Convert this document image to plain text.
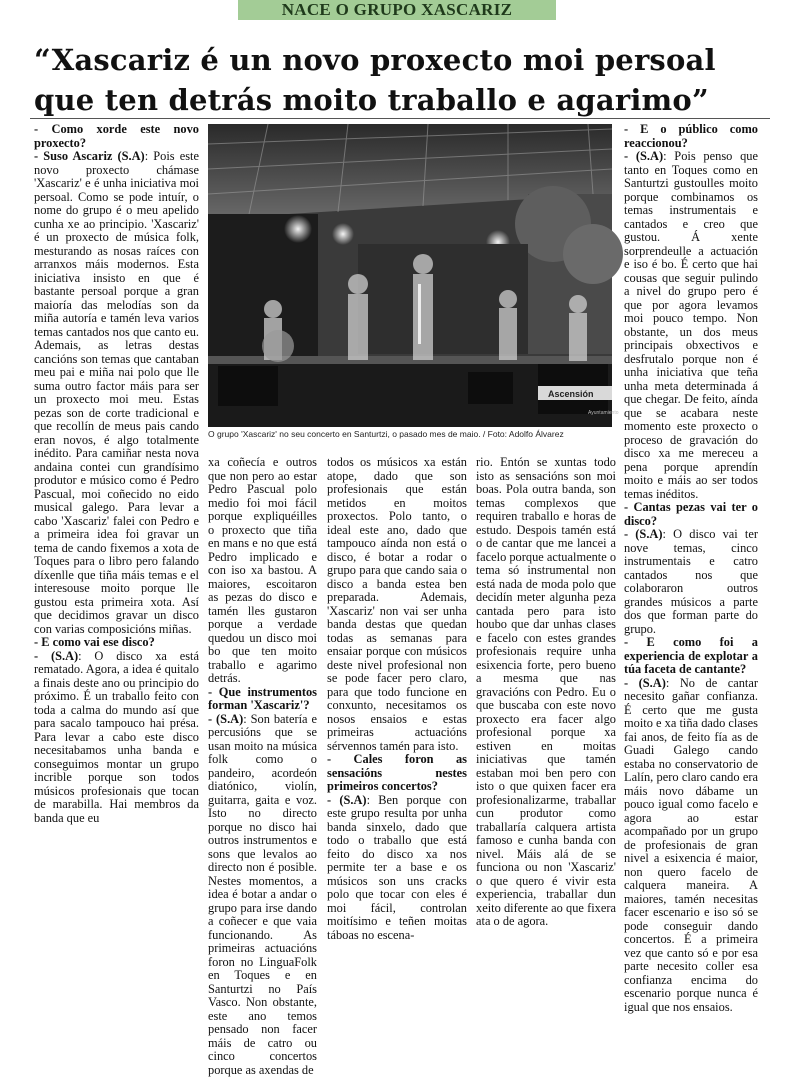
NACE O GRUPO XASCARIZ
“Xascariz é un novo proxecto moi persoal que ten detrás moito traballo e agarimo”

- Como xorde este novo proxecto?

- Suso Ascariz (S.A): Pois este novo proxecto chámase 'Xascariz' e é unha iniciativa moi persoal. Como se pode intuír, o nome do grupo é o meu apelido cunha xe ao principio. 'Xascariz' é un proxecto de música folk, mesturando as nosas raíces con arranxos máis modernos. Esta iniciativa insisto en que é bastante persoal porque a gran maioría das melodías son da miña autoría e tamén leva varios temas cantados nos que canto eu. Ademais, as letras destas cancións son temas que cantaban meu pai e miña nai polo que lle suma outro factor máis para ser un proxecto moi meu. Estas pezas son de corte tradicional e que recollín de meus pais cando eran novos, é algo totalmente inédito. Para camiñar nesta nova andaina contei cun grandísimo produtor e músico como é Pedro Pascual, moi coñecido no eido musical galego. Para levar a cabo 'Xascariz' falei con Pedro e a primeira idea foi gravar un tema de cando fixemos a xota de Toques para o libro pero falando díxenlle que tiña máis temas e el interesouse moito porque lle gustou esta primeira xota. Así que decidimos gravar un disco con varias composicións miñas.

- E como vai ese disco?

- (S.A): O disco xa está rematado. Agora, a idea é quitalo a finais deste ano ou principio do próximo. É un traballo feito con toda a calma do mundo así que para sacalo tampouco hai présa. Para levar a cabo este disco necesitabamos unha banda e conseguimos montar un grupo incrible porque son todos músicos profesionais que tocan de marabilla. Hai membros da banda que eu

Ascensión
Ayuntamiento
O grupo 'Xascariz' no seu concerto en Santurtzi, o pasado mes de maio. / Foto: Adolfo Álvarez

xa coñecía e outros que non pero ao estar Pedro Pascual polo medio foi moi fácil porque expliquéilles o proxecto que tiña en mans e no que está Pedro implicado e con iso xa bastou. A maiores, escoitaron as pezas do disco e tamén lles gustaron porque a verdade quedou un disco moi bo que ten moito traballo e agarimo detrás.

- Que instrumentos forman 'Xascariz'?

- (S.A): Son batería e percusións que se usan moito na música folk como o pandeiro, acordeón diatónico, violín, guitarra, gaita e voz. Isto no directo porque no disco hai outros instrumentos e sons que levalos ao directo non é posible. Nestes momentos, a idea é botar a andar o grupo para irse dando a coñecer e que vaia funcionando. As primeiras actuacións foron no LinguaFolk en Toques e en Santurtzi no País Vasco. Non obstante, este ano temos pensado non facer máis de catro ou cinco concertos porque as axendas de

todos os músicos xa están atope, dado que son profesionais que están metidos en moitos proxectos. Polo tanto, o ideal este ano, dado que tampouco aínda non está o disco, é botar a rodar o grupo para que cando saia o disco a banda estea ben preparada. Ademais, 'Xascariz' non vai ser unha banda destas que quedan todas as semanas para ensaiar porque con músicos deste nivel profesional non se pode facer pero claro, para que todo funcione en conxunto, necesitamos os nosos ensaios e estas primeiras actuacións sérvennos tamén para isto.

- Cales foron as sensacións nestes primeiros concertos?

- (S.A): Ben porque con este grupo resulta por unha banda sinxelo, dado que todo o traballo que está feito do disco xa nos permite ter a base e os músicos son uns cracks polo que tocar con eles é moi fácil, controlan moitísimo e teñen moitas táboas no escena-

rio. Entón se xuntas todo isto as sensacións son moi boas. Pola outra banda, son temas complexos que requiren traballo e horas de estudo. Despois tamén está o de cantar que me lancei a facelo porque actualmente o tema só instrumental non está nada de moda polo que decidín meter algunha peza cantada pero para isto houbo que dar unhas clases e facelo con estes grandes profesionais require unha esixencia forte, pero bueno a mesma que nas gravacións con Pedro. Eu o que buscaba con este novo proxecto era facer algo profesional porque xa estiven en moitas iniciativas que tamén estaban moi ben pero con isto o que quixen facer era profesionalizarme, traballar cun produtor como traballaría calquera artista famoso e cunha banda con nivel. Máis alá de se funciona ou non 'Xascariz' o que quero é vivir esta experiencia, traballar dun xeito diferente ao que fixera ata o de agora.

- E o público como reaccionou?

- (S.A): Pois penso que tanto en Toques como en Santurtzi gustoulles moito porque combinamos os temas instrumentais e cantados e creo que gustou. Á xente sorprendeulle a actuación e iso é bo. É certo que hai cousas que seguir pulindo a nivel do grupo pero é que por agora levamos moi pouco tempo. Non obstante, un dos meus principais obxectivos e desfrutalo porque non é unha iniciativa que teña unha meta determinada á que chegar. De feito, aínda que se acabara neste momento este proxecto o proceso de gravación do disco xa me mereceu a pena porque aprendín moito e máis ao ser todos temas inéditos.

- Cantas pezas vai ter o disco?

- (S.A): O disco vai ter nove temas, cinco instrumentais e catro cantados nos que colaboraron outros grandes músicos a parte dos que forman parte do grupo.

- E como foi a experiencia de explotar a túa faceta de cantante?

- (S.A): No de cantar necesito gañar confianza. É certo que me gusta moito e xa tiña dado clases fai anos, de feito fía as de Guadi Galego cando estaba no conservatorio de Lalín, pero claro cando era máis novo dábame un pouco igual como facelo e agora ao estar acompañado por un grupo de profesionais de gran nivel a esixencia é maior, non quero facelo de calquera maneira. A maiores, tamén necesitas facer escenario e iso só se pode conseguir dando concertos. É a primeira vez que canto só e por esa parte necesito coller esa confianza encima do escenario porque nunca é igual que nos ensaios.
